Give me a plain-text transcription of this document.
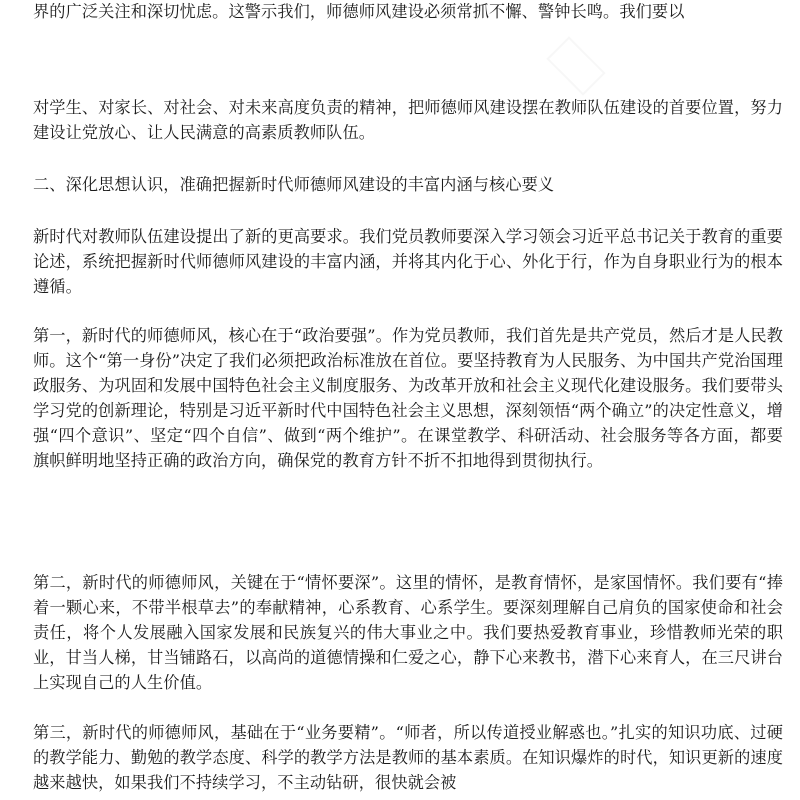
​

界的广泛关注和深切忧虑。这警示我们，师德师风建设必须常抓不懈、警钟长鸣。我们要以

对学生、对家长、对社会、对未来高度负责的精神，把师德师风建设摆在教师队伍建设的首要位置，努力建设让党放心、让人民满意的高素质教师队伍。

二、深化思想认识，准确把握新时代师德师风建设的丰富内涵与核心要义

新时代对教师队伍建设提出了新的更高要求。我们党员教师要深入学习领会习近平总书记关于教育的重要论述，系统把握新时代师德师风建设的丰富内涵，并将其内化于心、外化于行，作为自身职业行为的根本遵循。

第一，新时代的师德师风，核心在于“政治要强”。作为党员教师，我们首先是共产党员，然后才是人民教师。这个“第一身份”决定了我们必须把政治标准放在首位。要坚持教育为人民服务、为中国共产党治国理政服务、为巩固和发展中国特色社会主义制度服务、为改革开放和社会主义现代化建设服务。我们要带头学习党的创新理论，特别是习近平新时代中国特色社会主义思想，深刻领悟“两个确立”的决定性意义，增强“四个意识”、坚定“四个自信”、做到“两个维护”。在课堂教学、科研活动、社会服务等各方面，都要旗帜鲜明地坚持正确的政治方向，确保党的教育方针不折不扣地得到贯彻执行。

第二，新时代的师德师风，关键在于“情怀要深”。这里的情怀，是教育情怀，是家国情怀。我们要有“捧着一颗心来，不带半根草去”的奉献精神，心系教育、心系学生。要深刻理解自己肩负的国家使命和社会责任，将个人发展融入国家发展和民族复兴的伟大事业之中。我们要热爱教育事业，珍惜教师光荣的职业，甘当人梯，甘当铺路石，以高尚的道德情操和仁爱之心，静下心来教书，潜下心来育人，在三尺讲台上实现自己的人生价值。

第三，新时代的师德师风，基础在于“业务要精”。“师者，所以传道授业解惑也。”扎实的知识功底、过硬的教学能力、勤勉的教学态度、科学的教学方法是教师的基本素质。在知识爆炸的时代，知识更新的速度越来越快，如果我们不持续学习，不主动钻研，很快就会被
